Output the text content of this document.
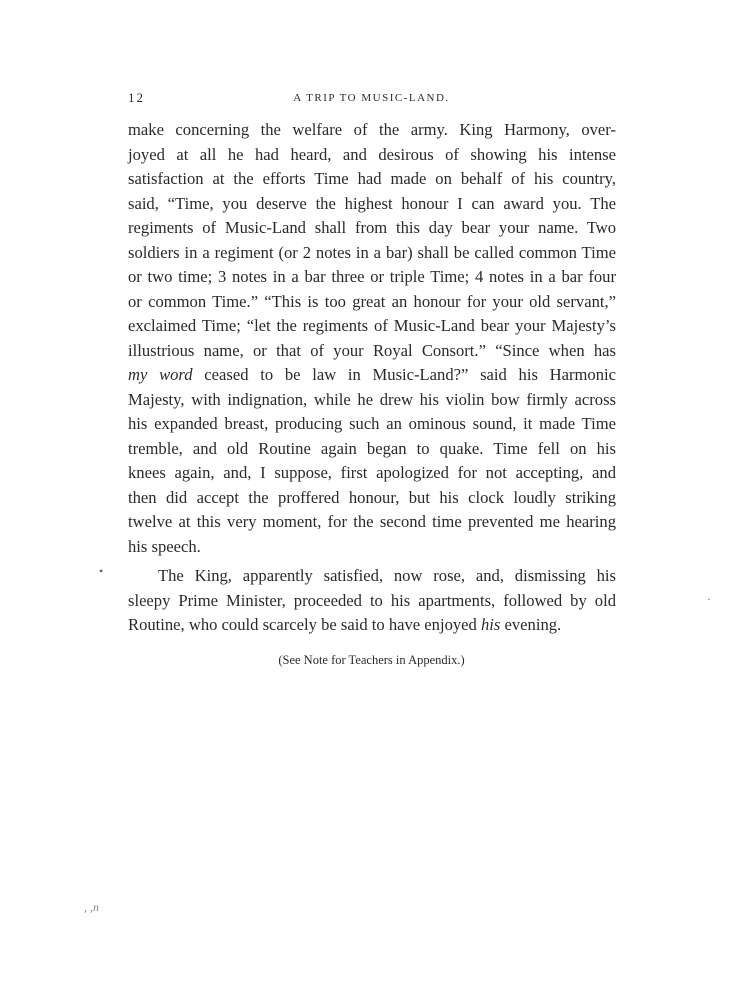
12	A TRIP TO MUSIC-LAND.
make concerning the welfare of the army. King Harmony, over-
joyed at all he had heard, and desirous of showing his intense
satisfaction at the efforts Time had made on behalf of his country,
said, “Time, you deserve the highest honour I can award you. The
regiments of Music-Land shall from this day bear your name. Two
soldiers in a regiment (or 2 notes in a bar) shall be called common Time
or two time; 3 notes in a bar three or triple Time; 4 notes in a bar four
or common Time.” “This is too great an honour for your old servant,”
exclaimed Time; “let the regiments of Music-Land bear your Majesty’s
illustrious name, or that of your Royal Consort.” “Since when has
my word ceased to be law in Music-Land?” said his Harmonic
Majesty, with indignation, while he drew his violin bow firmly across
his expanded breast, producing such an ominous sound, it made Time
tremble, and old Routine again began to quake. Time fell on his
knees again, and, I suppose, first apologized for not accepting, and
then did accept the proffered honour, but his clock loudly striking
twelve at this very moment, for the second time prevented me hearing
his speech.
The King, apparently satisfied, now rose, and, dismissing his
sleepy Prime Minister, proceeded to his apartments, followed by old
Routine, who could scarcely be said to have enjoyed his evening.
(See Note for Teachers in Appendix.)
•
·
, ,n
